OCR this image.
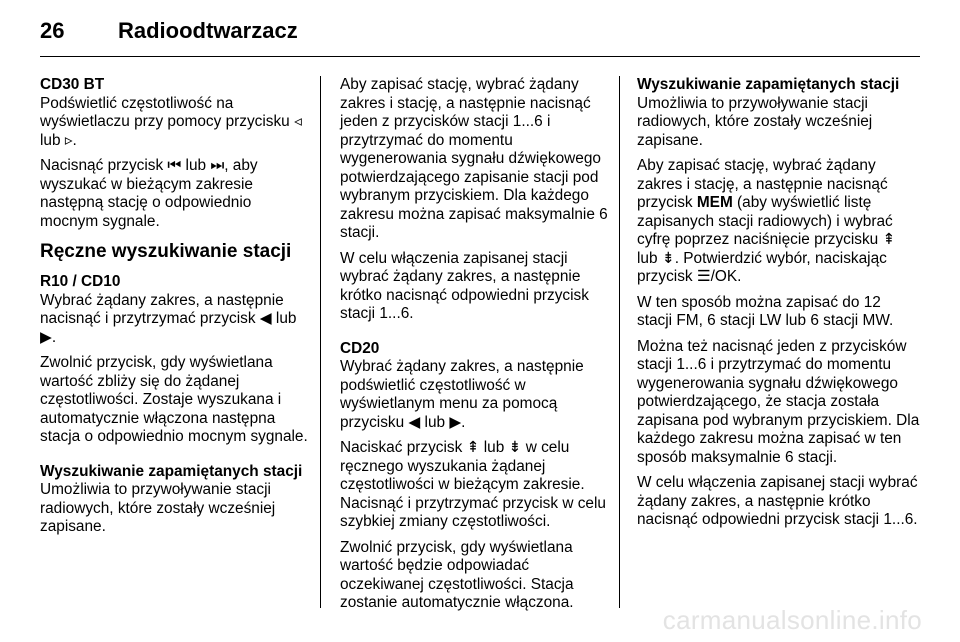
26 Radioodtwarzacz
CD30 BT

Podświetlić częstotliwość na wyświetlaczu przy pomocy przycisku ◃ lub ▹.

Nacisnąć przycisk ⏮ lub ⏭, aby wyszukać w bieżącym zakresie następną stację o odpowiednio mocnym sygnale.

Ręczne wyszukiwanie stacji
R10 / CD10

Wybrać żądany zakres, a następnie nacisnąć i przytrzymać przycisk ◀ lub ▶.

Zwolnić przycisk, gdy wyświetlana wartość zbliży się do żądanej częstotliwości. Zostaje wyszukana i automatycznie włączona następna stacja o odpowiednio mocnym sygnale.

Wyszukiwanie zapamiętanych stacji

Umożliwia to przywoływanie stacji radiowych, które zostały wcześniej zapisane.

Aby zapisać stację, wybrać żądany zakres i stację, a następnie nacisnąć jeden z przycisków stacji 1...6 i przytrzymać do momentu wygenerowania sygnału dźwiękowego potwierdzającego zapisanie stacji pod wybranym przyciskiem. Dla każdego zakresu można zapisać maksymalnie 6 stacji.

W celu włączenia zapisanej stacji wybrać żądany zakres, a następnie krótko nacisnąć odpowiedni przycisk stacji 1...6.

CD20

Wybrać żądany zakres, a następnie podświetlić częstotliwość w wyświetlanym menu za pomocą przycisku ◀ lub ▶.

Naciskać przycisk ⇞ lub ⇟ w celu ręcznego wyszukania żądanej częstotliwości w bieżącym zakresie. Nacisnąć i przytrzymać przycisk w celu szybkiej zmiany częstotliwości.

Zwolnić przycisk, gdy wyświetlana wartość będzie odpowiadać oczekiwanej częstotliwości. Stacja zostanie automatycznie włączona.

Wyszukiwanie zapamiętanych stacji

Umożliwia to przywoływanie stacji radiowych, które zostały wcześniej zapisane.

Aby zapisać stację, wybrać żądany zakres i stację, a następnie nacisnąć przycisk MEM (aby wyświetlić listę zapisanych stacji radiowych) i wybrać cyfrę poprzez naciśnięcie przycisku ⇞ lub ⇟. Potwierdzić wybór, naciskając przycisk ☰/OK.

W ten sposób można zapisać do 12 stacji FM, 6 stacji LW lub 6 stacji MW.

Można też nacisnąć jeden z przycisków stacji 1...6 i przytrzymać do momentu wygenerowania sygnału dźwiękowego potwierdzającego, że stacja została zapisana pod wybranym przyciskiem. Dla każdego zakresu można zapisać w ten sposób maksymalnie 6 stacji.

W celu włączenia zapisanej stacji wybrać żądany zakres, a następnie krótko nacisnąć odpowiedni przycisk stacji 1...6.

carmanualsonline.info
